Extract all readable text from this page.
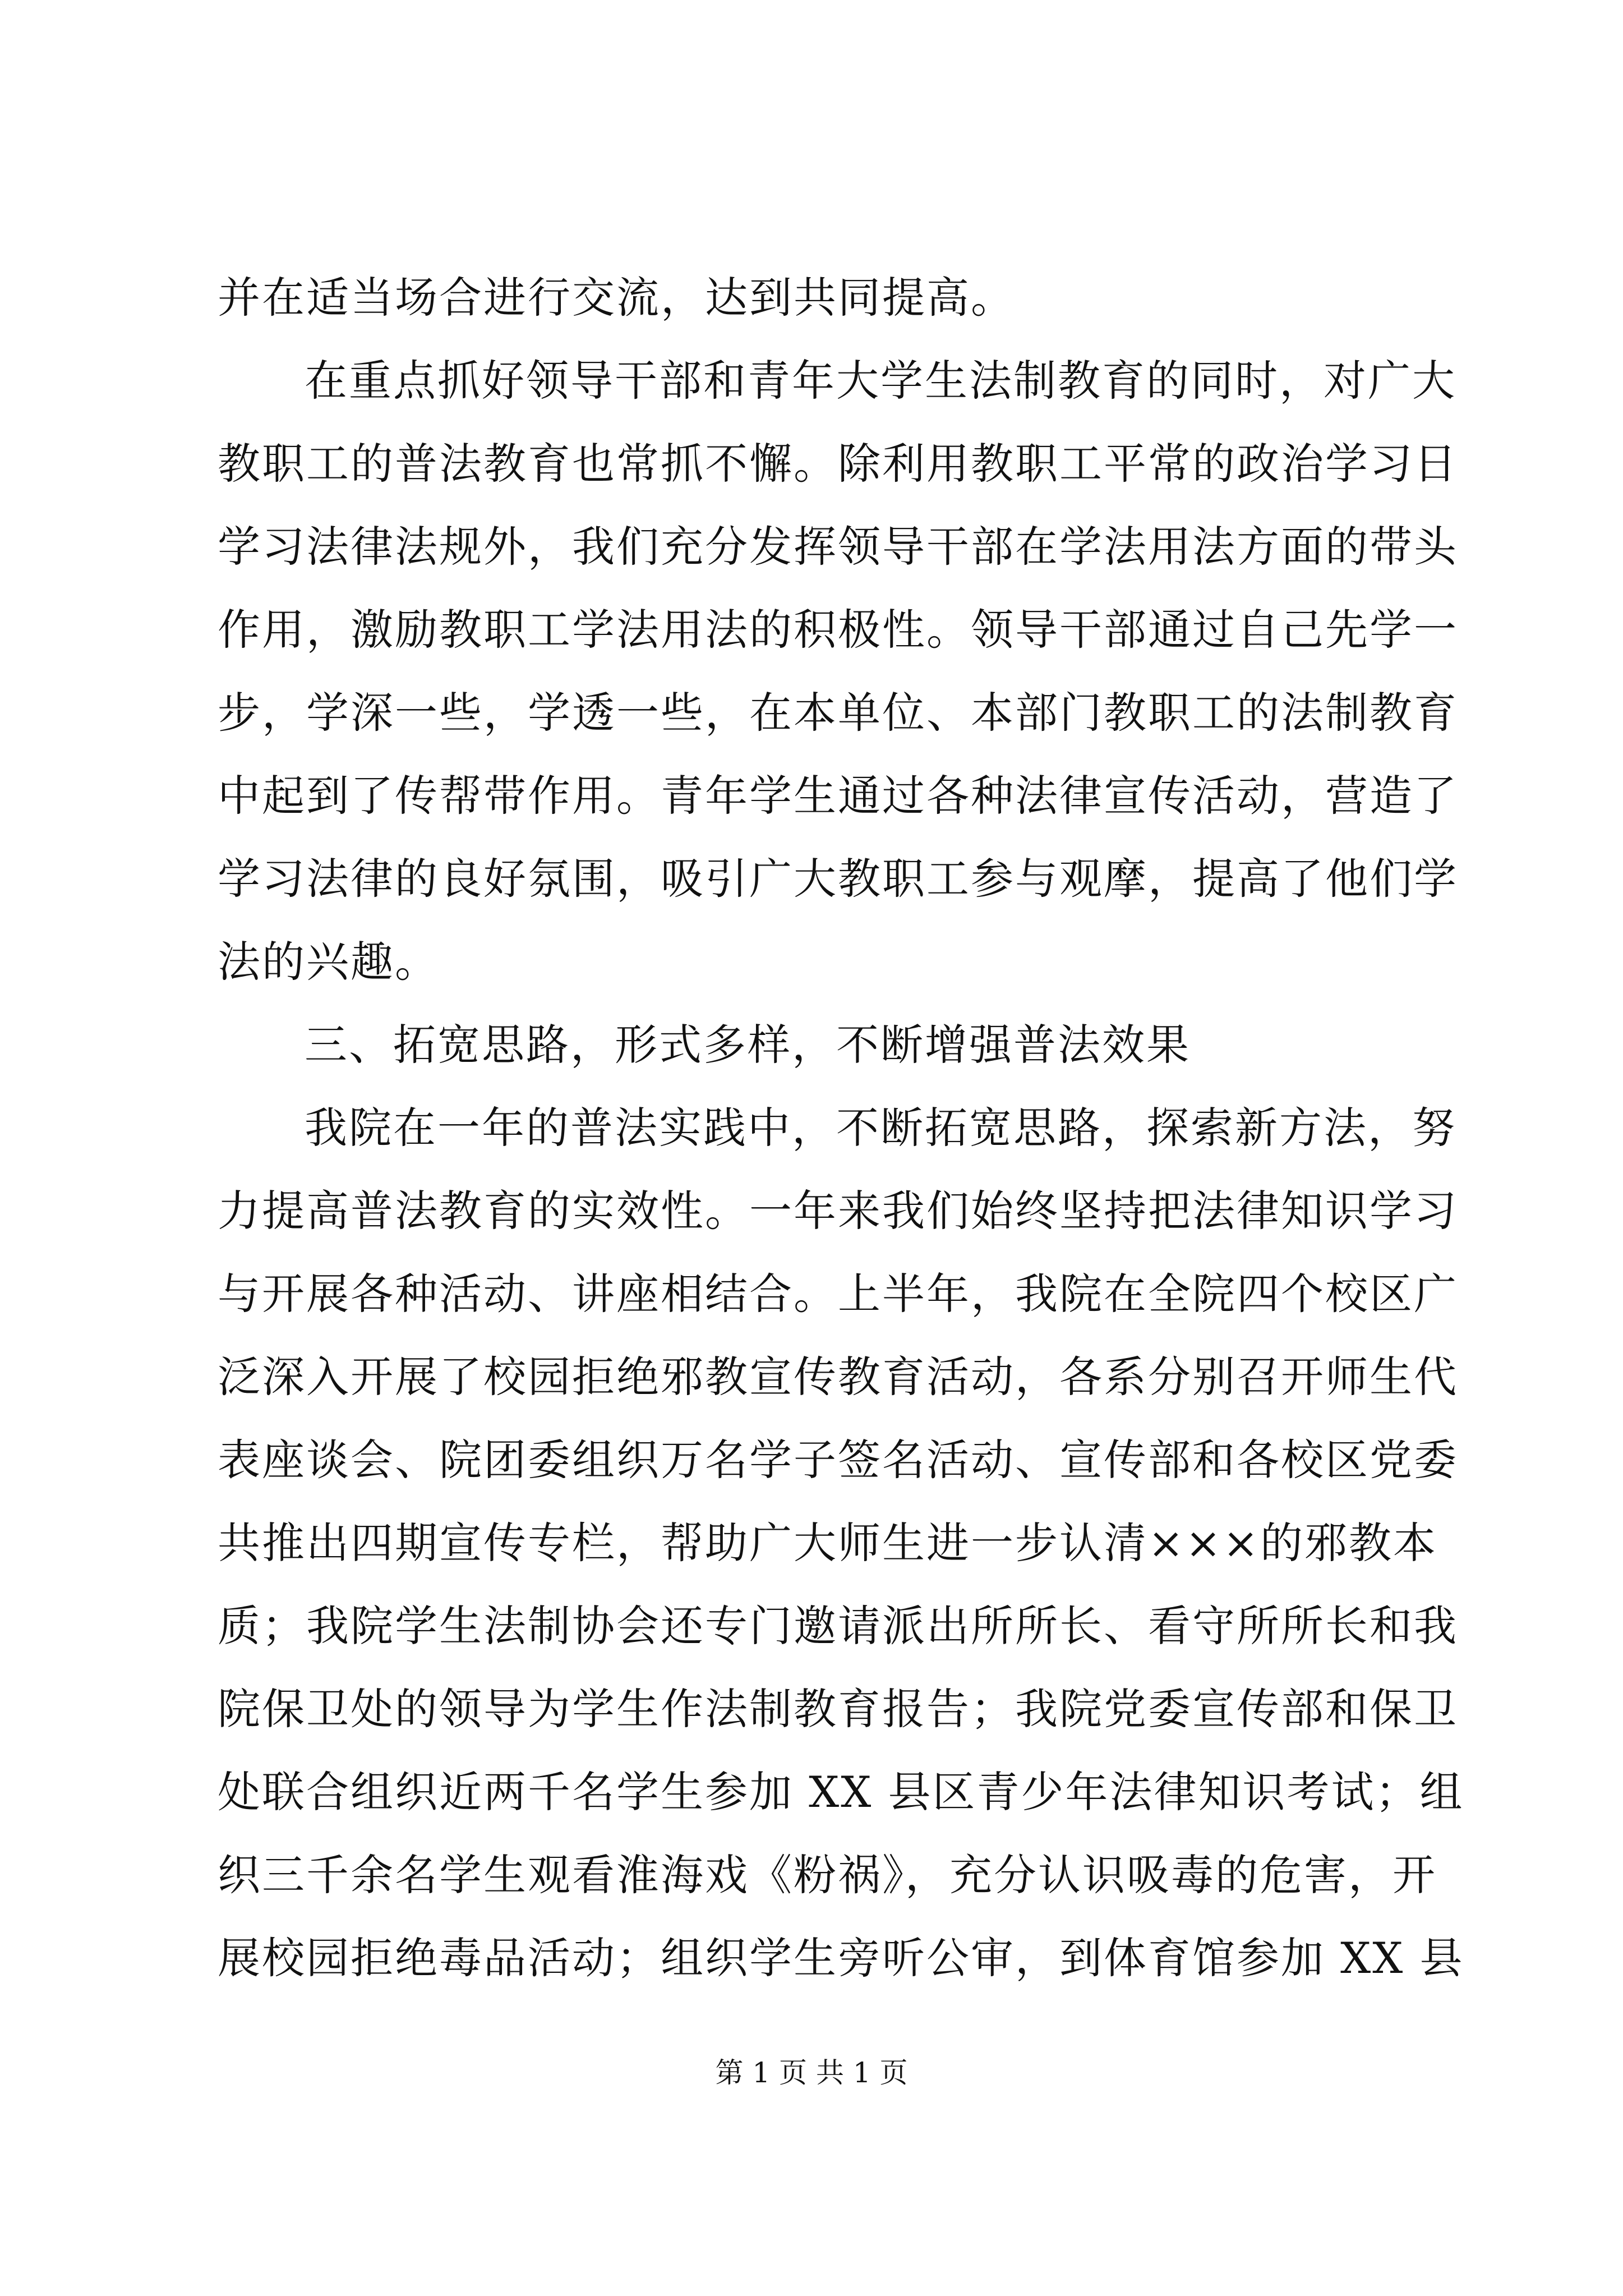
并在适当场合进行交流，达到共同提高。
在重点抓好领导干部和青年大学生法制教育的同时，对广大
教职工的普法教育也常抓不懈。除利用教职工平常的政治学习日
学习法律法规外，我们充分发挥领导干部在学法用法方面的带头
作用，激励教职工学法用法的积极性。领导干部通过自己先学一
步，学深一些，学透一些，在本单位、本部门教职工的法制教育
中起到了传帮带作用。青年学生通过各种法律宣传活动，营造了
学习法律的良好氛围，吸引广大教职工参与观摩，提高了他们学
法的兴趣。
三、拓宽思路，形式多样，不断增强普法效果
我院在一年的普法实践中，不断拓宽思路，探索新方法，努
力提高普法教育的实效性。一年来我们始终坚持把法律知识学习
与开展各种活动、讲座相结合。上半年，我院在全院四个校区广
泛深入开展了校园拒绝邪教宣传教育活动，各系分别召开师生代
表座谈会、院团委组织万名学子签名活动、宣传部和各校区党委
共推出四期宣传专栏，帮助广大师生进一步认清×××的邪教本
质；我院学生法制协会还专门邀请派出所所长、看守所所长和我
院保卫处的领导为学生作法制教育报告；我院党委宣传部和保卫
处联合组织近两千名学生参加 XX 县区青少年法律知识考试；组
织三千余名学生观看淮海戏《粉祸》，充分认识吸毒的危害，开
展校园拒绝毒品活动；组织学生旁听公审，到体育馆参加 XX 县
第 1 页 共 1 页
